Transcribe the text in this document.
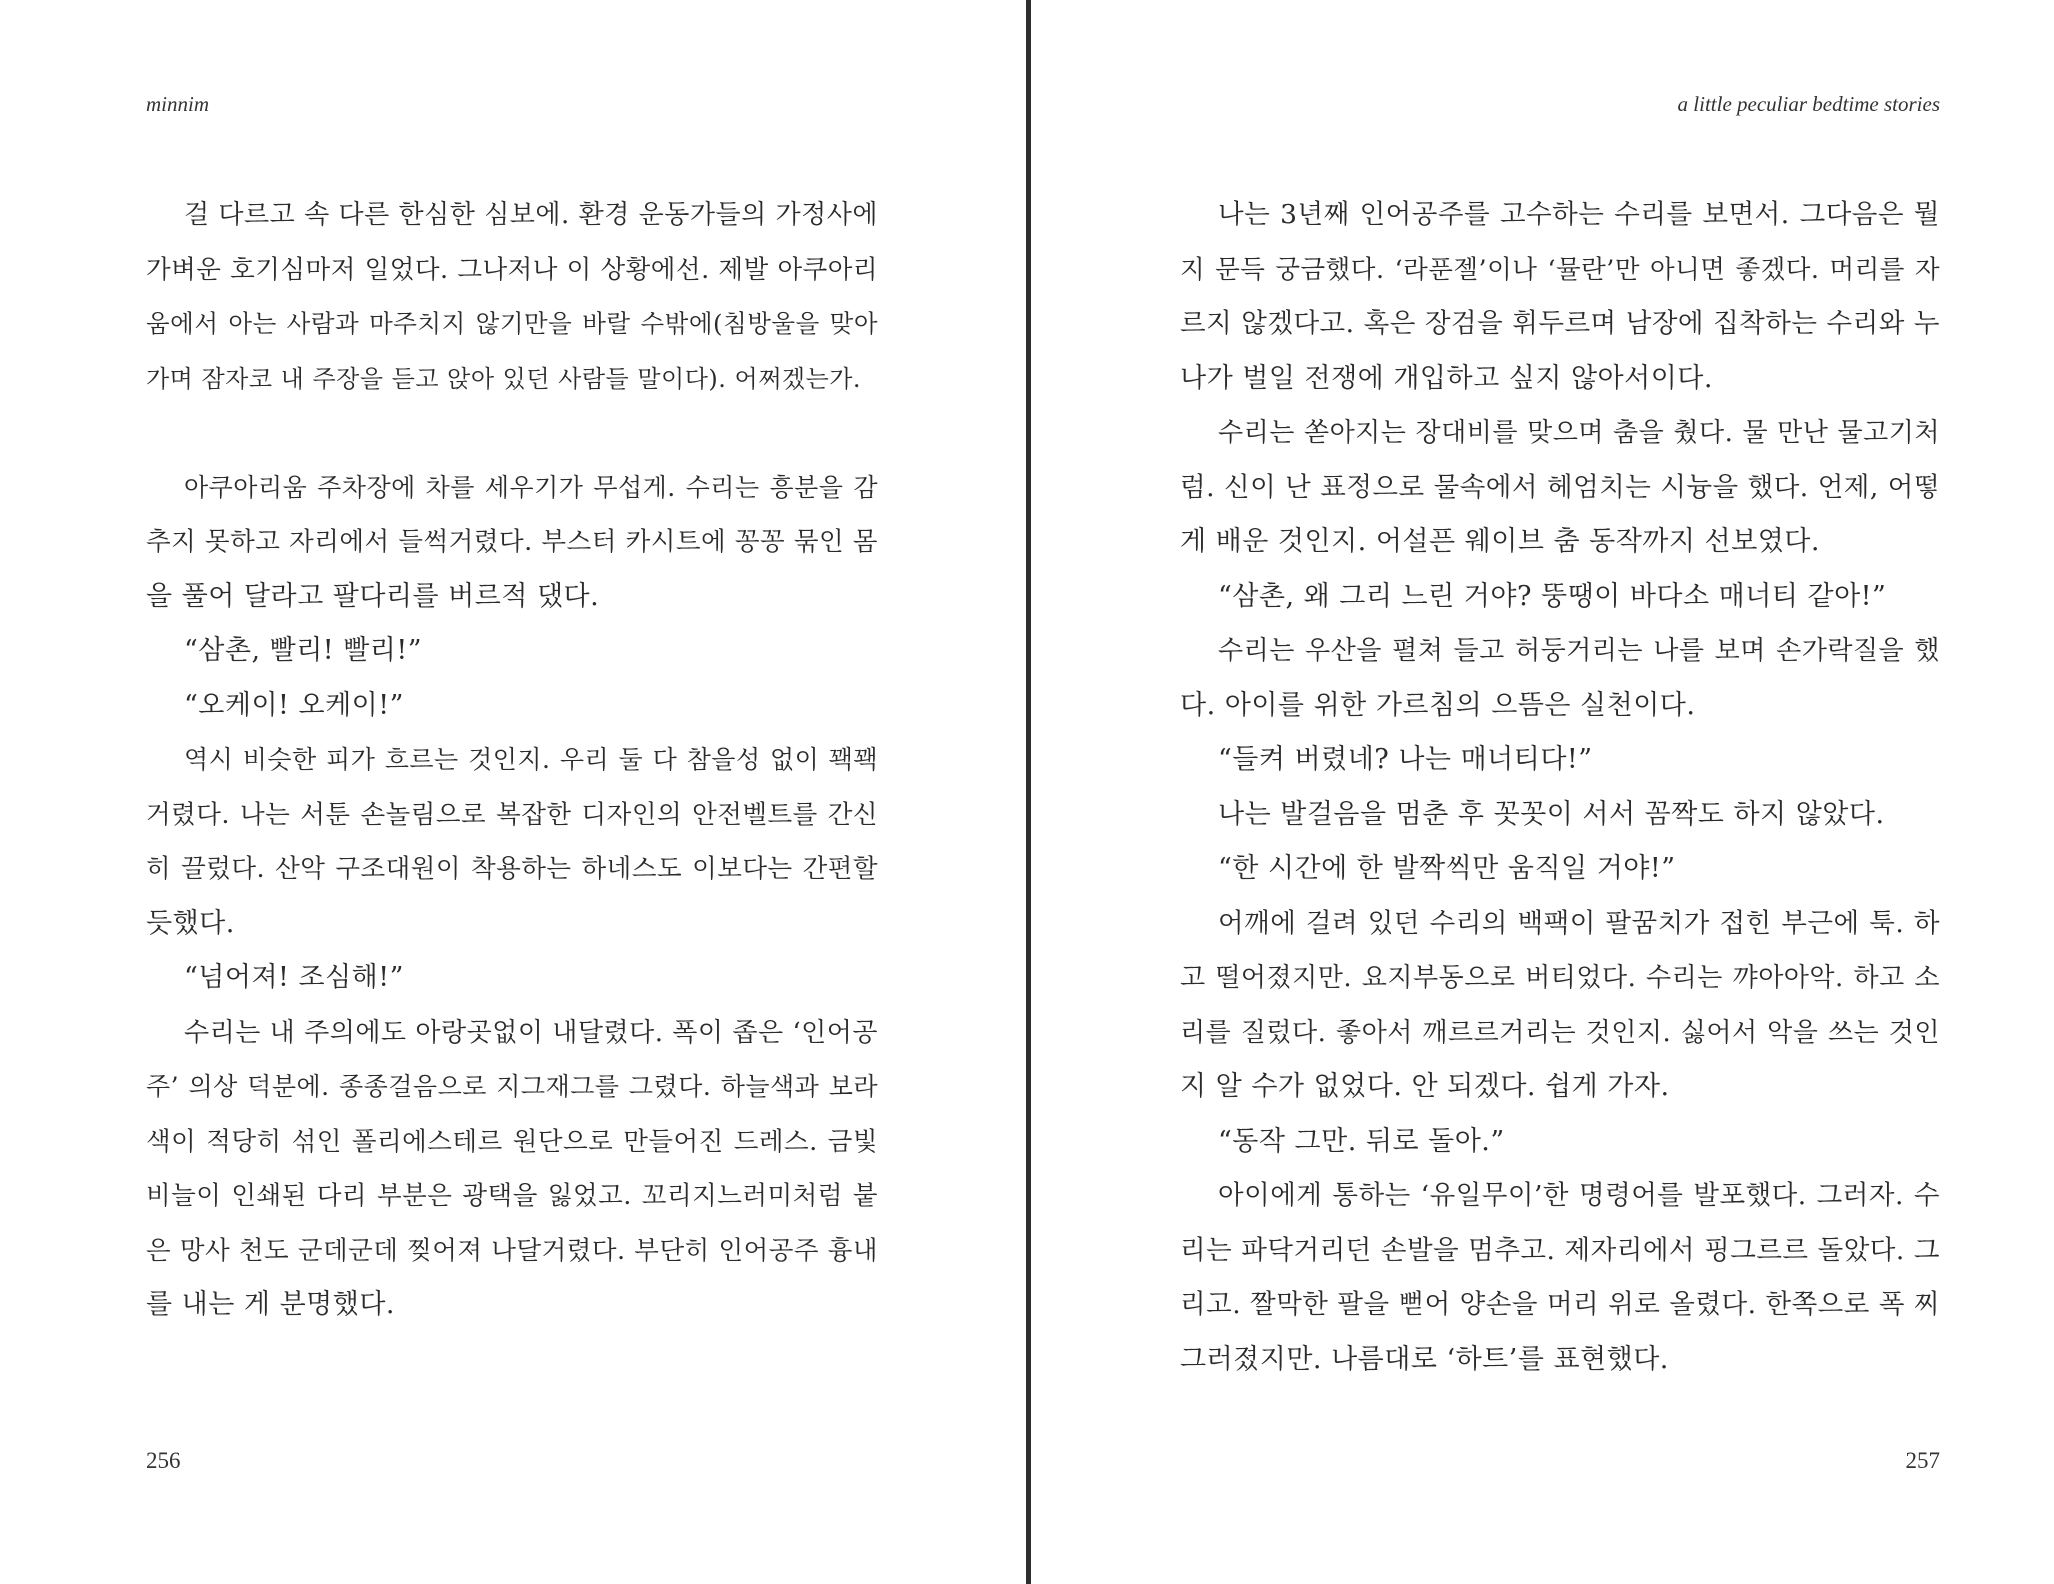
minnim
걸 다르고 속 다른 한심한 심보에. 환경 운동가들의 가정사에
가벼운 호기심마저 일었다. 그나저나 이 상황에선. 제발 아쿠아리
움에서 아는 사람과 마주치지 않기만을 바랄 수밖에(침방울을 맞아
가며 잠자코 내 주장을 듣고 앉아 있던 사람들 말이다). 어쩌겠는가.
아쿠아리움 주차장에 차를 세우기가 무섭게. 수리는 흥분을 감
추지 못하고 자리에서 들썩거렸다. 부스터 카시트에 꽁꽁 묶인 몸
을 풀어 달라고 팔다리를 버르적 댔다.
“삼촌, 빨리! 빨리!”
“오케이! 오케이!”
역시 비슷한 피가 흐르는 것인지. 우리 둘 다 참을성 없이 꽥꽥
거렸다. 나는 서툰 손놀림으로 복잡한 디자인의 안전벨트를 간신
히 끌렀다. 산악 구조대원이 착용하는 하네스도 이보다는 간편할
듯했다.
“넘어져! 조심해!”
수리는 내 주의에도 아랑곳없이 내달렸다. 폭이 좁은 ‘인어공
주’ 의상 덕분에. 종종걸음으로 지그재그를 그렸다. 하늘색과 보라
색이 적당히 섞인 폴리에스테르 원단으로 만들어진 드레스. 금빛
비늘이 인쇄된 다리 부분은 광택을 잃었고. 꼬리지느러미처럼 붙
은 망사 천도 군데군데 찢어져 나달거렸다. 부단히 인어공주 흉내
를 내는 게 분명했다.
256
a little peculiar bedtime stories
나는 3년째 인어공주를 고수하는 수리를 보면서. 그다음은 뭘
지 문득 궁금했다. ‘라푼젤’이나 ‘뮬란’만 아니면 좋겠다. 머리를 자
르지 않겠다고. 혹은 장검을 휘두르며 남장에 집착하는 수리와 누
나가 벌일 전쟁에 개입하고 싶지 않아서이다.
수리는 쏟아지는 장대비를 맞으며 춤을 췄다. 물 만난 물고기처
럼. 신이 난 표정으로 물속에서 헤엄치는 시늉을 했다. 언제, 어떻
게 배운 것인지. 어설픈 웨이브 춤 동작까지 선보였다.
“삼촌, 왜 그리 느린 거야? 뚱땡이 바다소 매너티 같아!”
수리는 우산을 펼쳐 들고 허둥거리는 나를 보며 손가락질을 했
다. 아이를 위한 가르침의 으뜸은 실천이다.
“들켜 버렸네? 나는 매너티다!”
나는 발걸음을 멈춘 후 꼿꼿이 서서 꼼짝도 하지 않았다.
“한 시간에 한 발짝씩만 움직일 거야!”
어깨에 걸려 있던 수리의 백팩이 팔꿈치가 접힌 부근에 툭. 하
고 떨어졌지만. 요지부동으로 버티었다. 수리는 꺄아아악. 하고 소
리를 질렀다. 좋아서 깨르르거리는 것인지. 싫어서 악을 쓰는 것인
지 알 수가 없었다. 안 되겠다. 쉽게 가자.
“동작 그만. 뒤로 돌아.”
아이에게 통하는 ‘유일무이’한 명령어를 발포했다. 그러자. 수
리는 파닥거리던 손발을 멈추고. 제자리에서 핑그르르 돌았다. 그
리고. 짤막한 팔을 뻗어 양손을 머리 위로 올렸다. 한쪽으로 폭 찌
그러졌지만. 나름대로 ‘하트’를 표현했다.
257
